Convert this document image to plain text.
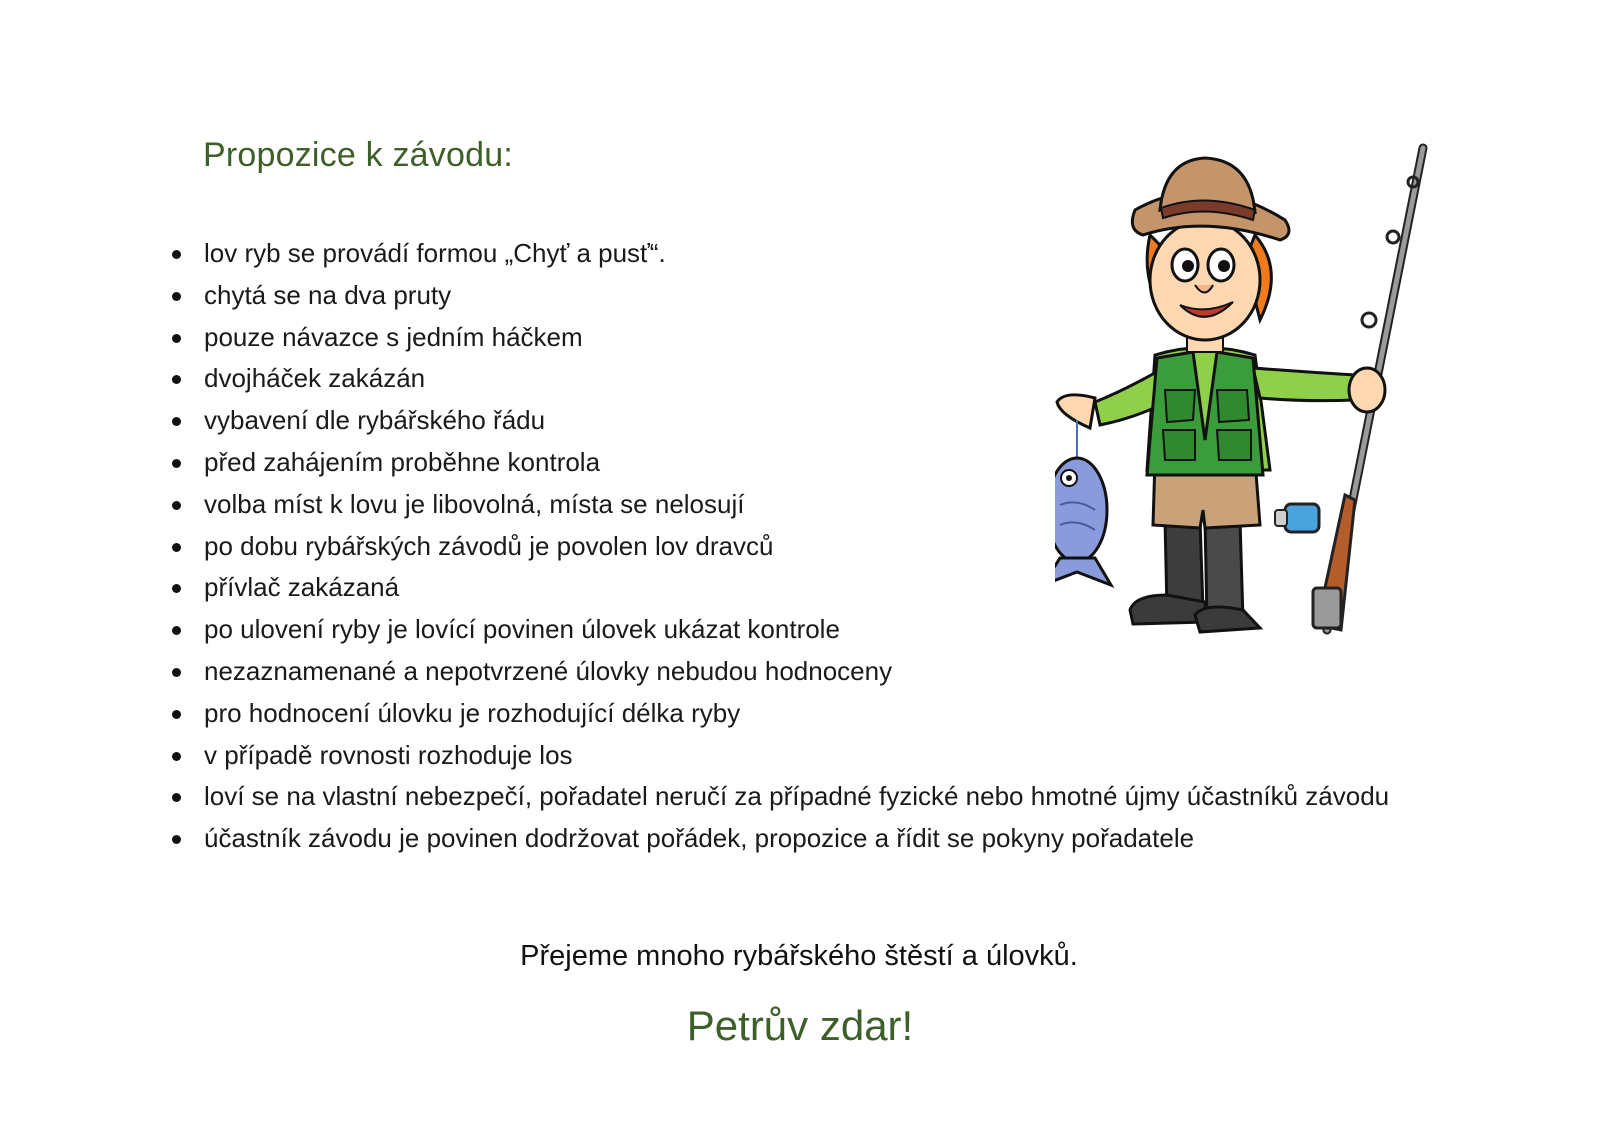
Propozice k závodu:
lov ryb se provádí formou „Chyť a pusť“.
chytá se na dva pruty
pouze návazce s jedním háčkem
dvojháček zakázán
vybavení dle rybářského řádu
před zahájením proběhne kontrola
volba míst k lovu je libovolná, místa se nelosují
po dobu rybářských závodů je povolen lov dravců
přívlač zakázaná
po ulovení ryby je lovící povinen úlovek ukázat kontrole
nezaznamenané a nepotvrzené úlovky nebudou hodnoceny
pro hodnocení úlovku je rozhodující délka ryby
v případě rovnosti rozhoduje los
loví se na vlastní nebezpečí, pořadatel neručí za případné fyzické nebo hmotné újmy účastníků závodu
účastník závodu je povinen dodržovat pořádek, propozice a řídit se pokyny pořadatele
Přejeme mnoho rybářského štěstí a úlovků.
Petrův zdar!
